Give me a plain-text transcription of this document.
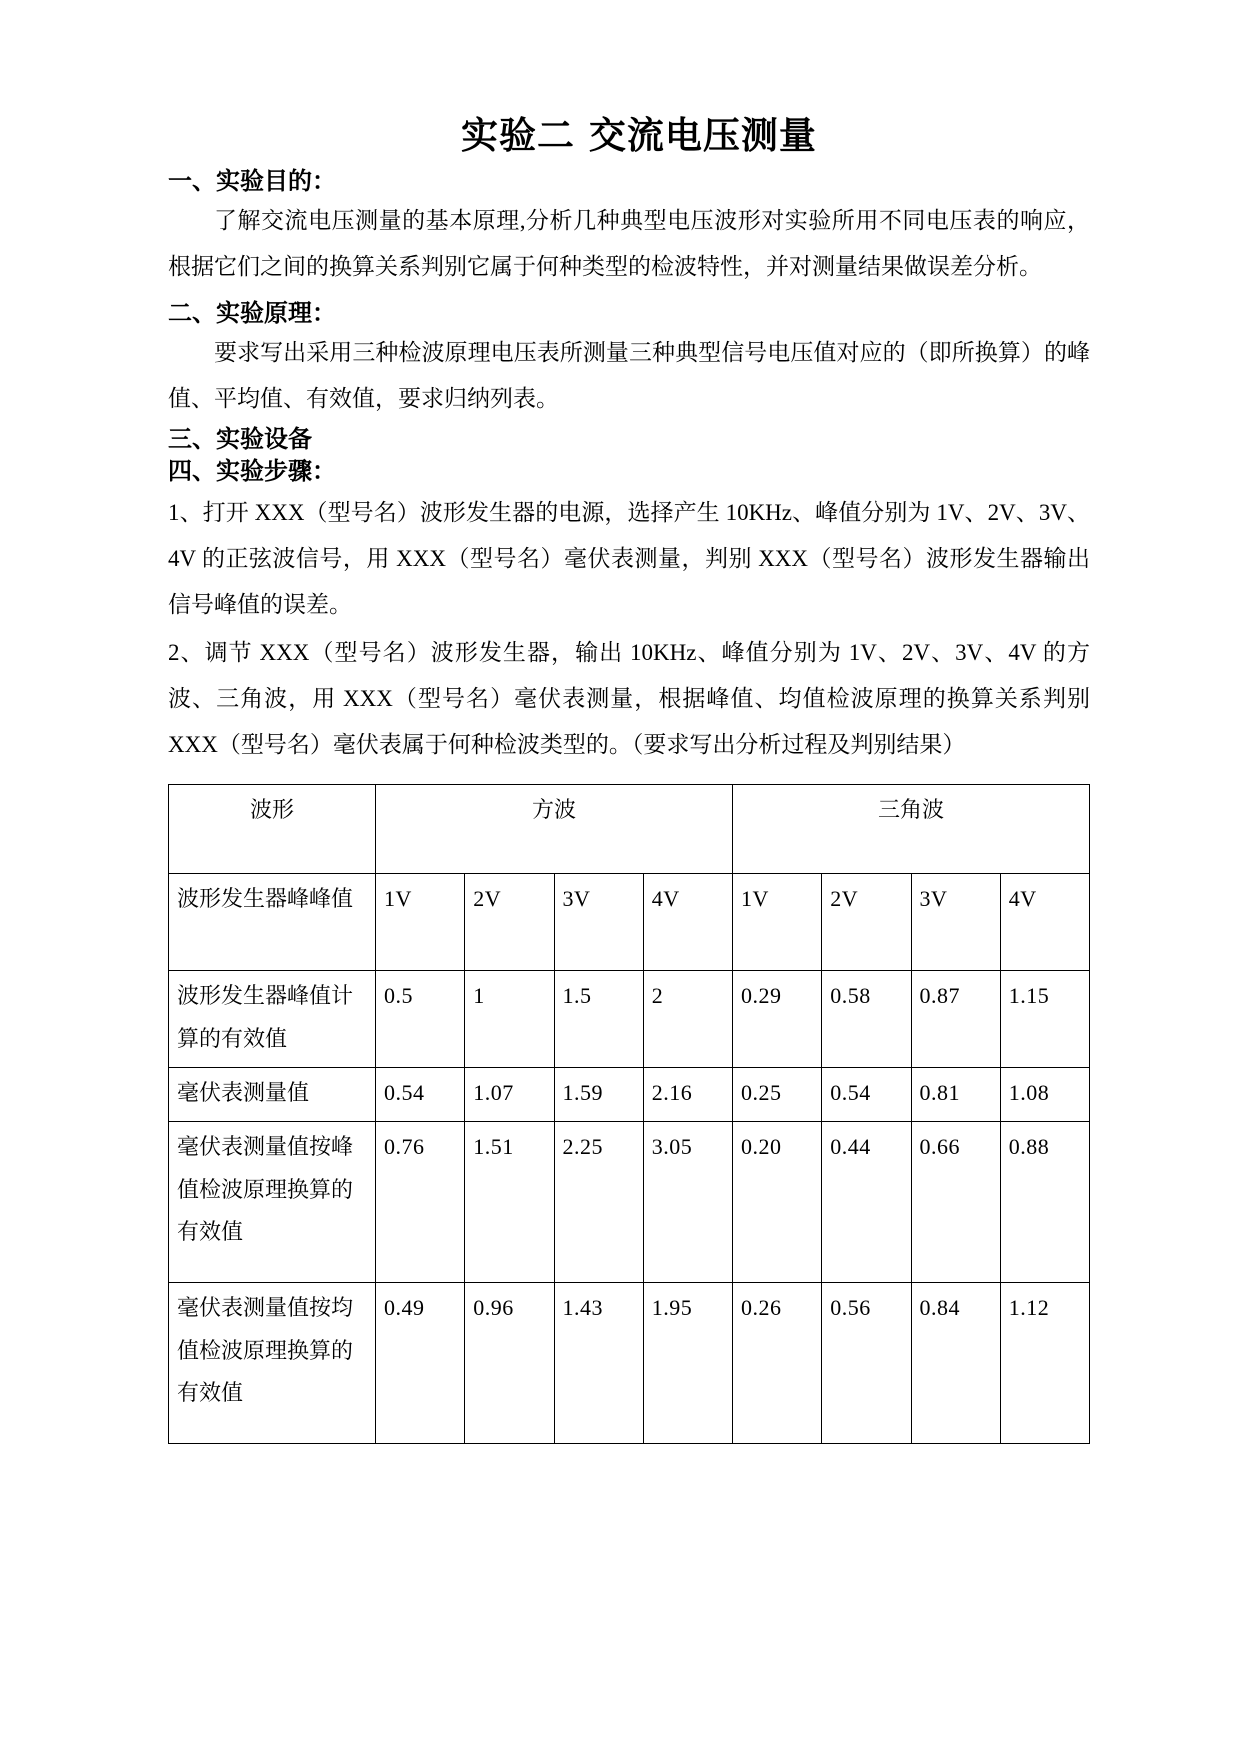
实验二 交流电压测量
一、实验目的：

了解交流电压测量的基本原理,分析几种典型电压波形对实验所用不同电压表的响应，根据它们之间的换算关系判别它属于何种类型的检波特性，并对测量结果做误差分析。

二、实验原理：

要求写出采用三种检波原理电压表所测量三种典型信号电压值对应的（即所换算）的峰值、平均值、有效值，要求归纳列表。

三、实验设备
四、实验步骤：

1、打开 XXX（型号名）波形发生器的电源，选择产生 10KHz、峰值分别为 1V、2V、3V、4V 的正弦波信号，用 XXX（型号名）毫伏表测量，判别 XXX（型号名）波形发生器输出信号峰值的误差。

2、调节 XXX（型号名）波形发生器，输出 10KHz、峰值分别为 1V、2V、3V、4V 的方波、三角波，用 XXX（型号名）毫伏表测量，根据峰值、均值检波原理的换算关系判别 XXX（型号名）毫伏表属于何种检波类型的。（要求写出分析过程及判别结果）

波形	方波				三角波			
波形发生器峰峰值	1V	2V	3V	4V	1V	2V	3V	4V
波形发生器峰值计算的有效值	0.5	1	1.5	2	0.29	0.58	0.87	1.15
毫伏表测量值	0.54	1.07	1.59	2.16	0.25	0.54	0.81	1.08
毫伏表测量值按峰值检波原理换算的有效值	0.76	1.51	2.25	3.05	0.20	0.44	0.66	0.88
毫伏表测量值按均值检波原理换算的有效值	0.49	0.96	1.43	1.95	0.26	0.56	0.84	1.12
